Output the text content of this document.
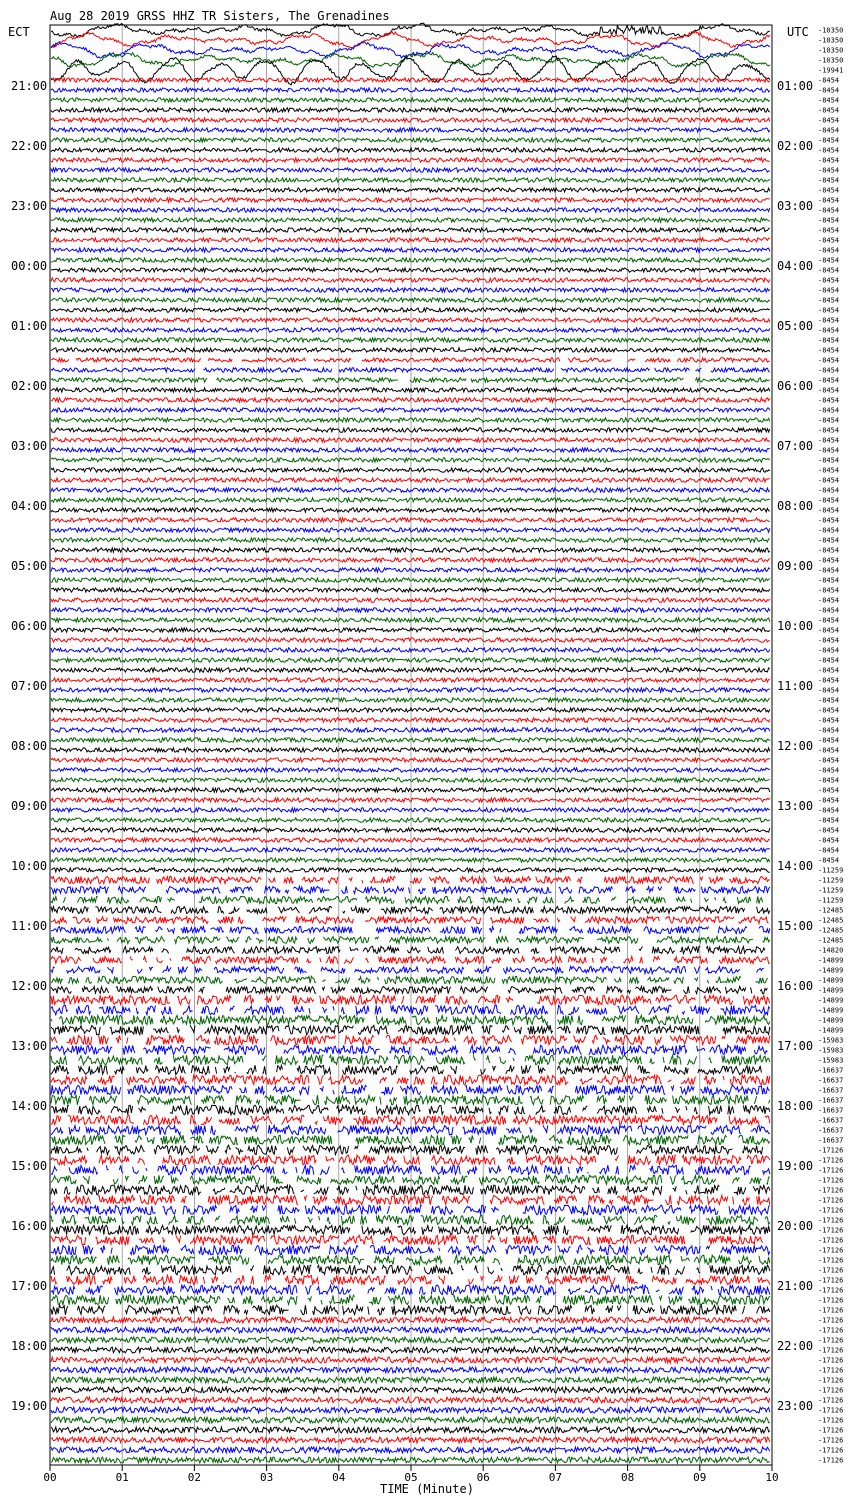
Aug 28 2019 GRSS HHZ TR Sisters, The Grenadines
ECT	UTC
TIME (Minute)
00	01	02	03	04	05	06	07	08	09	10
21:00
22:00
23:00
00:00
01:00
02:00
03:00
04:00
05:00
06:00
07:00
08:00
09:00
10:00
11:00
12:00
13:00
14:00
15:00
16:00
17:00
18:00
19:00
01:00
02:00
03:00
04:00
05:00
06:00
07:00
08:00
09:00
10:00
11:00
12:00
13:00
14:00
15:00
16:00
17:00
18:00
19:00
20:00
21:00
22:00
23:00
-10350
-10350
-10350
-10350
-19941
-8454
-8454
-8454
-8454
-8454
-8454
-8454
-8454
-8454
-8454
-8454
-8454
-8454
-8454
-8454
-8454
-8454
-8454
-8454
-8454
-8454
-8454
-8454
-8454
-8454
-8454
-8454
-8454
-8454
-8454
-8454
-8454
-8454
-8454
-8454
-8454
-8454
-8454
-8454
-8454
-8454
-8454
-8454
-8454
-8454
-8454
-8454
-8454
-8454
-8454
-8454
-8454
-8454
-8454
-8454
-8454
-8454
-8454
-8454
-8454
-8454
-8454
-8454
-8454
-8454
-8454
-8454
-8454
-8454
-8454
-8454
-8454
-8454
-8454
-8454
-8454
-8454
-8454
-8454
-11259
-11259
-11259
-11259
-12485
-12485
-12485
-12485
-14820
-14899
-14899
-14899
-14899
-14899
-14899
-14899
-14899
-15983
-15983
-15983
-16637
-16637
-16637
-16637
-16637
-16637
-16637
-16637
-17126
-17126
-17126
-17126
-17126
-17126
-17126
-17126
-17126
-17126
-17126
-17126
-17126
-17126
-17126
-17126
-17126
-17126
-17126
-17126
-17126
-17126
-17126
-17126
-17126
-17126
-17126
-17126
-17126
-17126
-17126
-17126
